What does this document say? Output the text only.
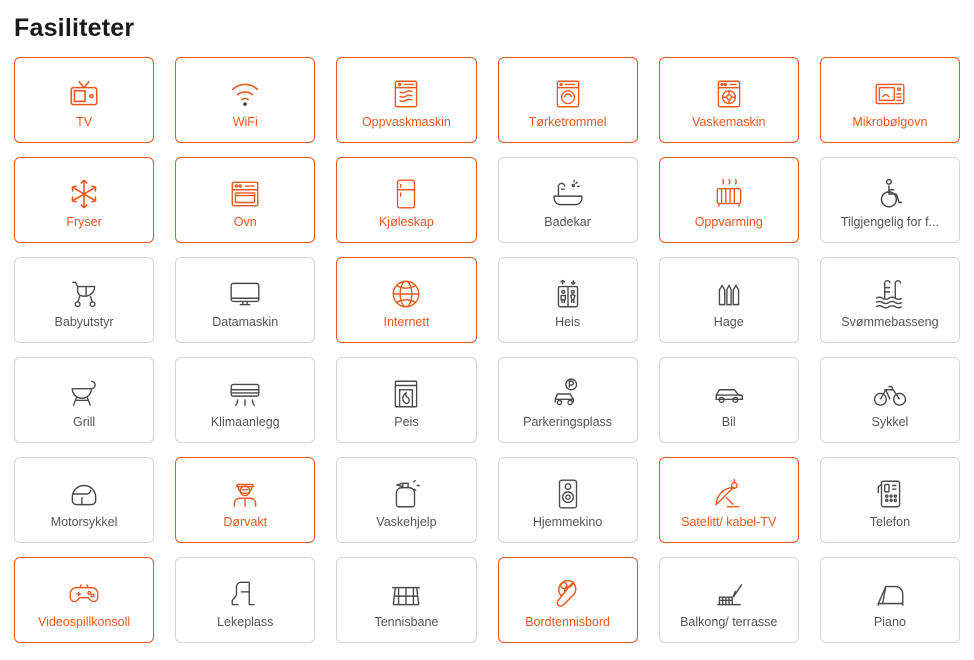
Fasiliteter
TV	WiFi	Oppvaskmaskin	Tørketrommel	Vaskemaskin	Mikrobølgovn
Fryser	Ovn	Kjøleskap	Badekar	Oppvarming	Tilgjengelig for f...
Babyutstyr	Datamaskin	Internett	Heis	Hage	Svømmebasseng
Grill	Klimaanlegg	Peis	Parkeringsplass	Bil	Sykkel
Motorsykkel	Dørvakt	Vaskehjelp	Hjemmekino	Satelitt/ kabel-TV	Telefon
Videospillkonsoll	Lekeplass	Tennisbane	Bordtennisbord	Balkong/ terrasse	Piano
